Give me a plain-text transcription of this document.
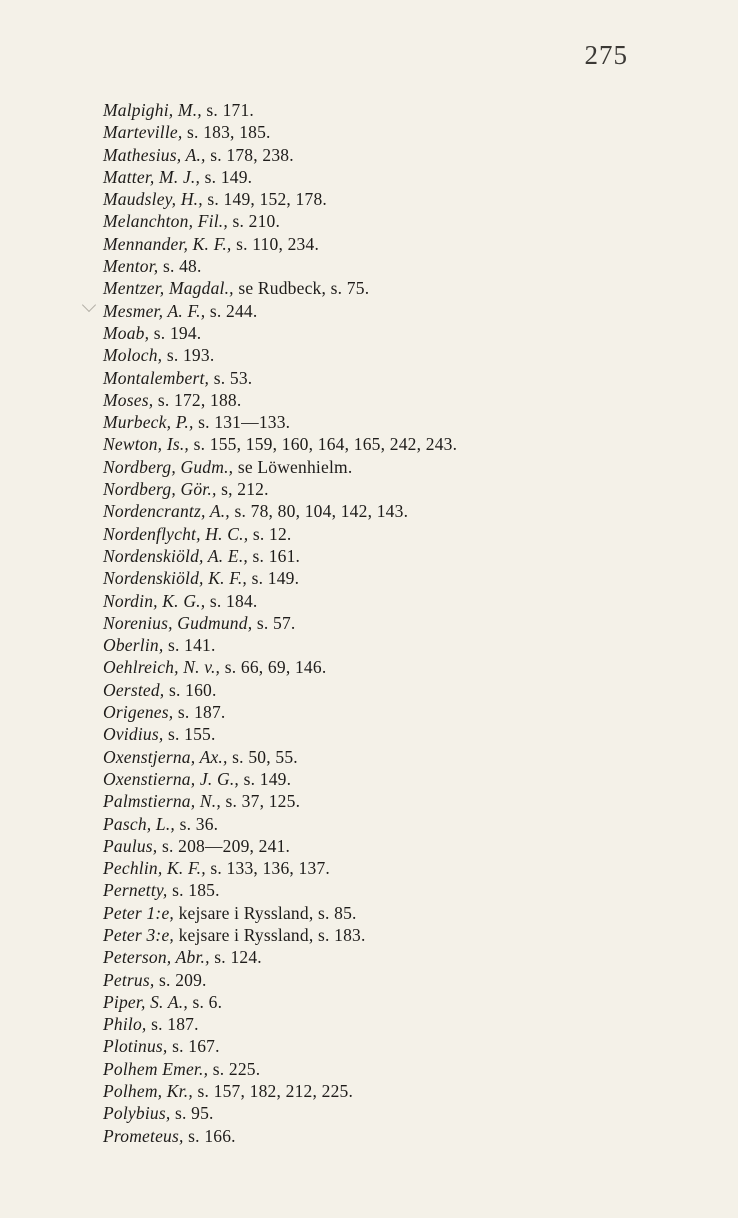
275
Malpighi, M., s. 171.
Marteville, s. 183, 185.
Mathesius, A., s. 178, 238.
Matter, M. J., s. 149.
Maudsley, H., s. 149, 152, 178.
Melanchton, Fil., s. 210.
Mennander, K. F., s. 110, 234.
Mentor, s. 48.
Mentzer, Magdal., se Rudbeck, s. 75.
Mesmer, A. F., s. 244.
Moab, s. 194.
Moloch, s. 193.
Montalembert, s. 53.
Moses, s. 172, 188.
Murbeck, P., s. 131—133.
Newton, Is., s. 155, 159, 160, 164, 165, 242, 243.
Nordberg, Gudm., se Löwenhielm.
Nordberg, Gör., s, 212.
Nordencrantz, A., s. 78, 80, 104, 142, 143.
Nordenflycht, H. C., s. 12.
Nordenskiöld, A. E., s. 161.
Nordenskiöld, K. F., s. 149.
Nordin, K. G., s. 184.
Norenius, Gudmund, s. 57.
Oberlin, s. 141.
Oehlreich, N. v., s. 66, 69, 146.
Oersted, s. 160.
Origenes, s. 187.
Ovidius, s. 155.
Oxenstjerna, Ax., s. 50, 55.
Oxenstierna, J. G., s. 149.
Palmstierna, N., s. 37, 125.
Pasch, L., s. 36.
Paulus, s. 208—209, 241.
Pechlin, K. F., s. 133, 136, 137.
Pernetty, s. 185.
Peter 1:e, kejsare i Ryssland, s. 85.
Peter 3:e, kejsare i Ryssland, s. 183.
Peterson, Abr., s. 124.
Petrus, s. 209.
Piper, S. A., s. 6.
Philo, s. 187.
Plotinus, s. 167.
Polhem Emer., s. 225.
Polhem, Kr., s. 157, 182, 212, 225.
Polybius, s. 95.
Prometeus, s. 166.
